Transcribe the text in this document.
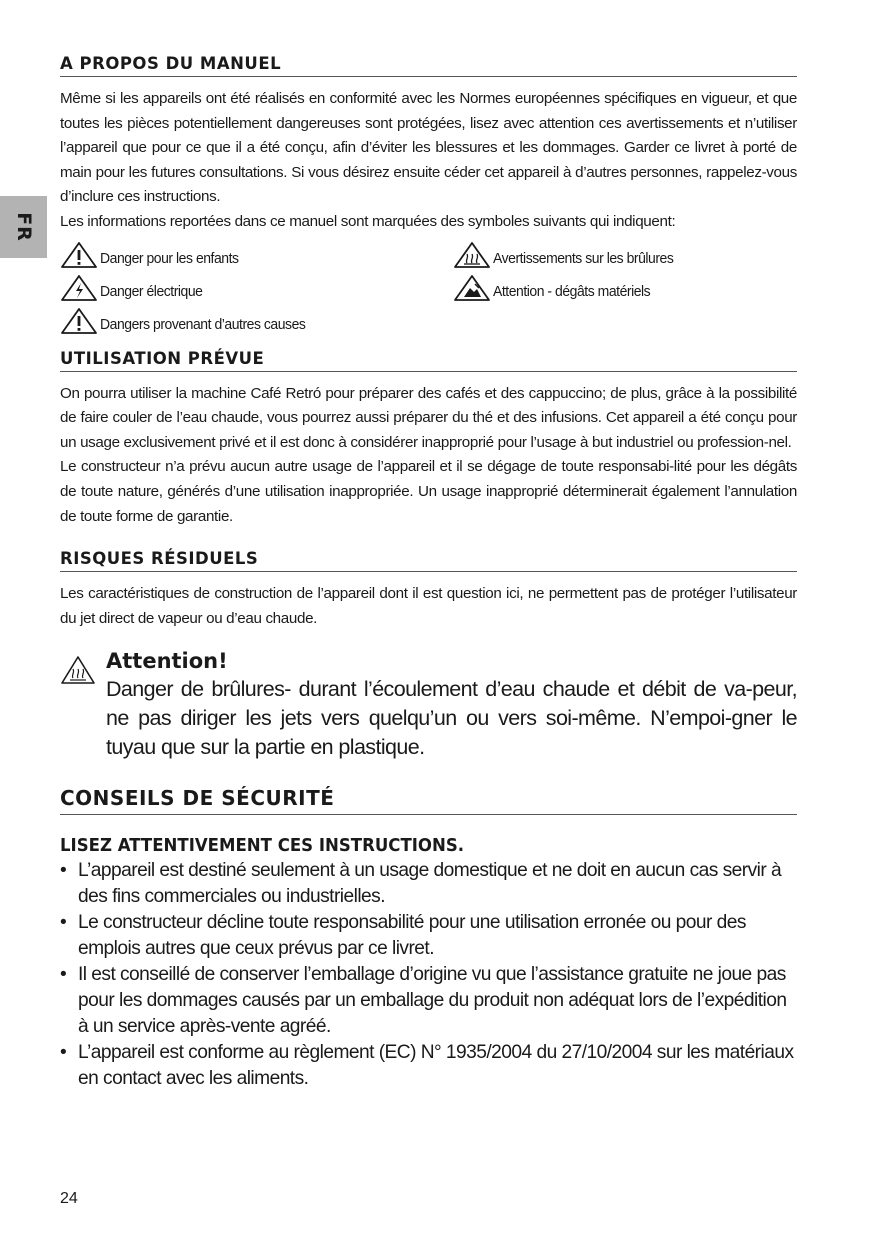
FR
A PROPOS DU MANUEL

Même si les appareils ont été réalisés en conformité avec les Normes européennes spécifiques en vigueur, et que toutes les pièces potentiellement dangereuses sont protégées, lisez avec attention ces avertissements et n’utiliser l’appareil que pour ce que il a été conçu, afin d’éviter les blessures et les dommages. Garder ce livret à porté de main pour les futures consultations. Si vous désirez ensuite céder cet appareil à d’autres personnes, rappelez-vous d’inclure ces instructions.

Les informations reportées dans ce manuel sont marquées des symboles suivants qui indiquent:

Danger pour les enfants
Danger électrique
Dangers provenant d’autres causes
Avertissements sur les brûlures
Attention - dégâts matériels
UTILISATION PRÉVUE

On pourra utiliser la machine Café Retró pour préparer des cafés et des cappuccino; de plus, grâce à la possibilité de faire couler de l’eau chaude, vous pourrez aussi préparer du thé et des infusions. Cet appareil a été conçu pour un usage exclusivement privé et il est donc à considérer inapproprié pour l’usage à but industriel ou profession-nel.

Le constructeur n’a prévu aucun autre usage de l’appareil et il se dégage de toute responsabi-lité pour les dégâts de toute nature, générés d’une utilisation inappropriée. Un usage inapproprié déterminerait également l’annulation de toute forme de garantie.

RISQUES RÉSIDUELS

Les caractéristiques de construction de l’appareil dont il est question ici, ne permettent pas de protéger l’utilisateur du jet direct de vapeur ou d’eau chaude.

Attention!

Danger de brûlures- durant l’écoulement d’eau chaude et débit de va-peur, ne pas diriger les jets vers quelqu’un ou vers soi-même. N’empoi-gner le tuyau que sur la partie en plastique.

CONSEILS DE SÉCURITÉ
LISEZ ATTENTIVEMENT CES INSTRUCTIONS.
• L’appareil est destiné seulement à un usage domestique et ne doit en aucun cas servir à des fins commerciales ou industrielles.
• Le constructeur décline toute responsabilité pour une utilisation erronée ou pour des emplois autres que ceux prévus par ce livret.
• Il est conseillé de conserver l’emballage d’origine vu que l’assistance gratuite ne joue pas pour les dommages causés par un emballage du produit non adéquat lors de l’expédition à un service après-vente agréé.
• L’appareil est conforme au règlement (EC) N° 1935/2004 du 27/10/2004 sur les matériaux en contact avec les aliments.
24
